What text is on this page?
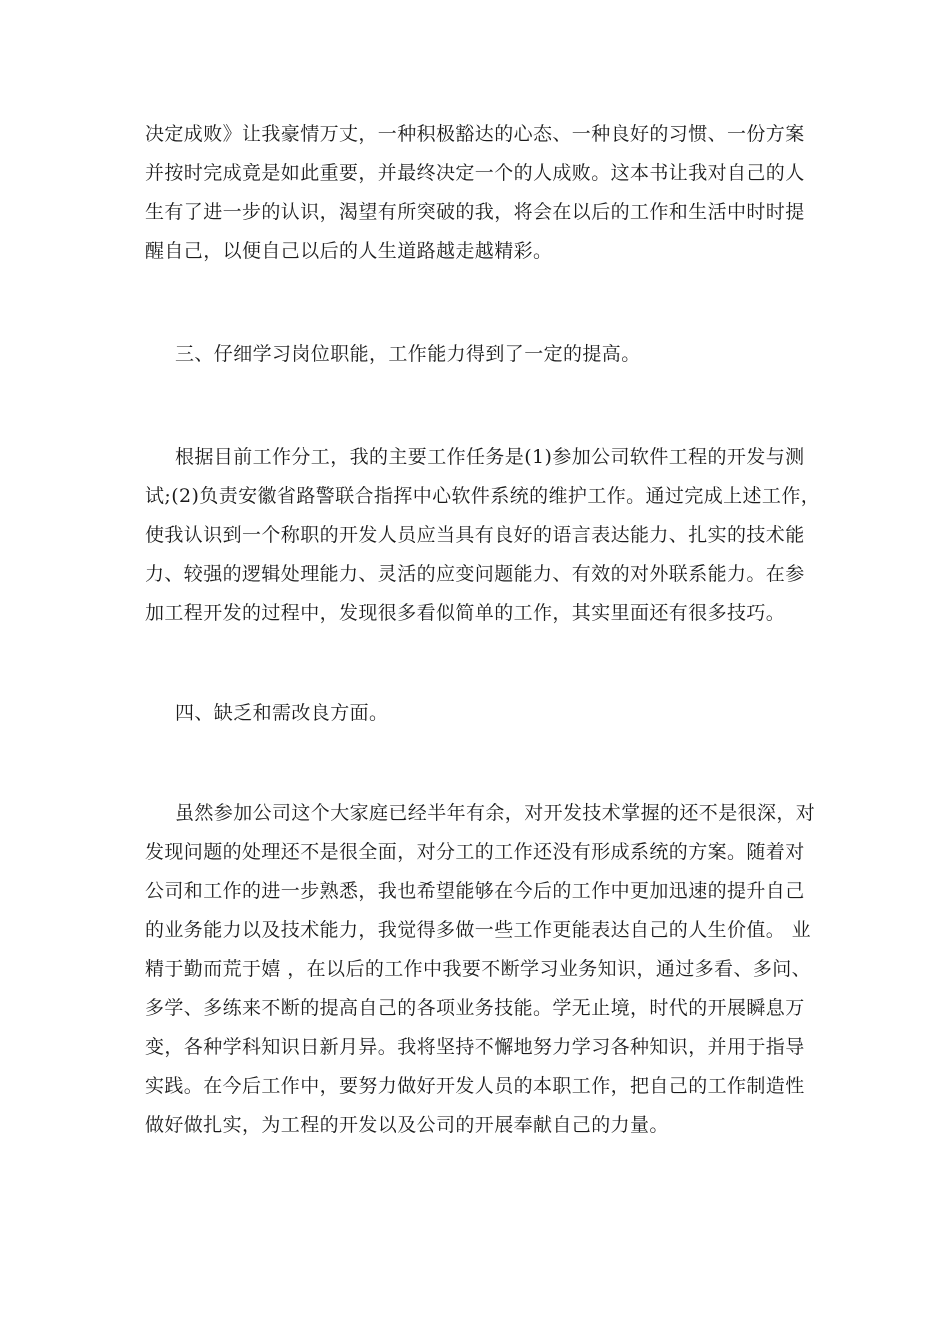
决定成败》让我豪情万丈，一种积极豁达的心态、一种良好的习惯、一份方案
并按时完成竟是如此重要，并最终决定一个的人成败。这本书让我对自己的人
生有了进一步的认识，渴望有所突破的我，将会在以后的工作和生活中时时提
醒自己，以便自己以后的人生道路越走越精彩。
三、仔细学习岗位职能，工作能力得到了一定的提高。
根据目前工作分工，我的主要工作任务是(1)参加公司软件工程的开发与测
试;(2)负责安徽省路警联合指挥中心软件系统的维护工作。通过完成上述工作，
使我认识到一个称职的开发人员应当具有良好的语言表达能力、扎实的技术能
力、较强的逻辑处理能力、灵活的应变问题能力、有效的对外联系能力。在参
加工程开发的过程中，发现很多看似简单的工作，其实里面还有很多技巧。
四、缺乏和需改良方面。
虽然参加公司这个大家庭已经半年有余，对开发技术掌握的还不是很深，对
发现问题的处理还不是很全面，对分工的工作还没有形成系统的方案。随着对
公司和工作的进一步熟悉，我也希望能够在今后的工作中更加迅速的提升自己
的业务能力以及技术能力，我觉得多做一些工作更能表达自己的人生价值。 业
精于勤而荒于嬉 ，在以后的工作中我要不断学习业务知识，通过多看、多问、
多学、多练来不断的提高自己的各项业务技能。学无止境，时代的开展瞬息万
变，各种学科知识日新月异。我将坚持不懈地努力学习各种知识，并用于指导
实践。在今后工作中，要努力做好开发人员的本职工作，把自己的工作制造性
做好做扎实，为工程的开发以及公司的开展奉献自己的力量。
